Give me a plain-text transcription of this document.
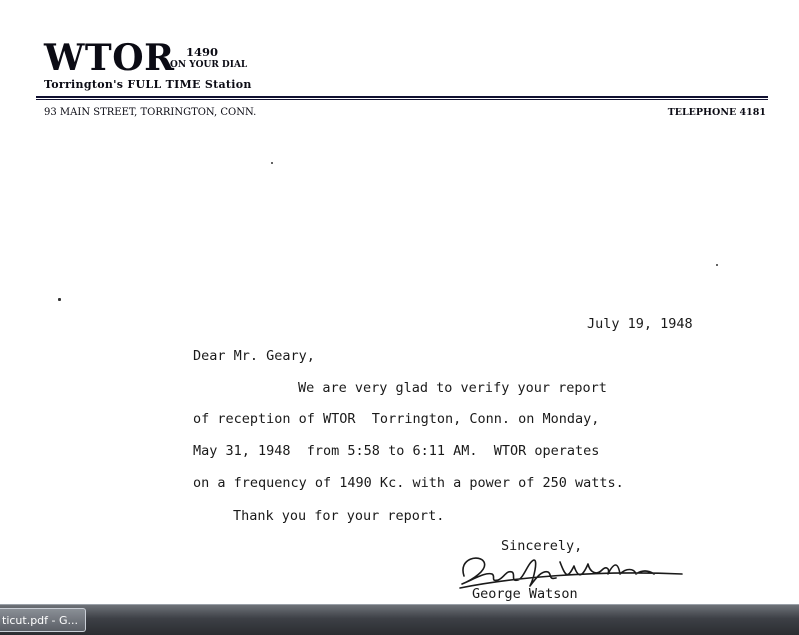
WTOR 1490
ON YOUR DIAL
Torrington's FULL TIME Station
93 MAIN STREET, TORRINGTON, CONN.	TELEPHONE 4181
July 19, 1948
Dear Mr. Geary,
We are very glad to verify your report
of reception of WTOR  Torrington, Conn. on Monday,
May 31, 1948  from 5:58 to 6:11 AM.  WTOR operates
on a frequency of 1490 Kc. with a power of 250 watts.
Thank you for your report.
Sincerely,
George Watson
ticut.pdf - G...
